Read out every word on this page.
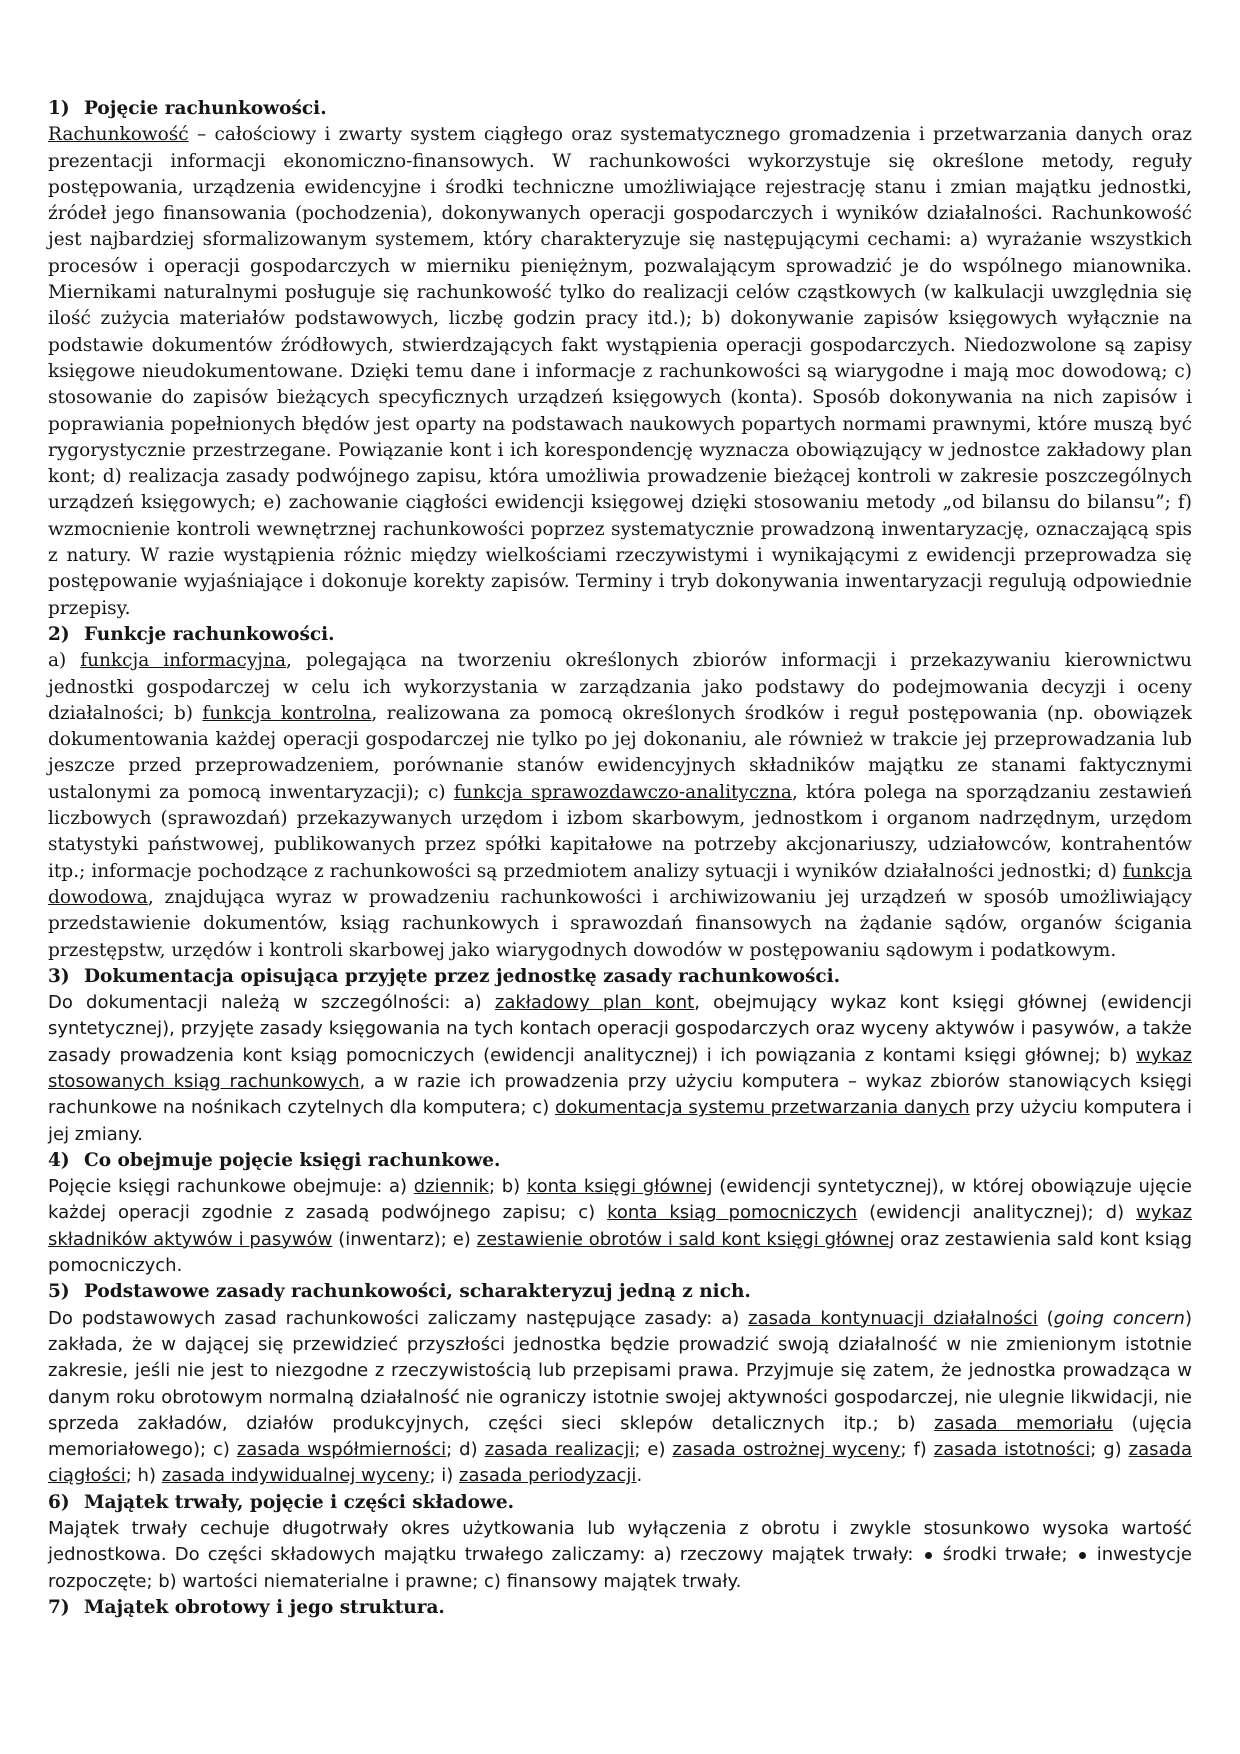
1) Pojęcie rachunkowości.

Rachunkowość – całościowy i zwarty system ciągłego oraz systematycznego gromadzenia i przetwarzania danych oraz prezentacji informacji ekonomiczno-finansowych. W rachunkowości wykorzystuje się określone metody, reguły postępowania, urządzenia ewidencyjne i środki techniczne umożliwiające rejestrację stanu i zmian majątku jednostki, źródeł jego finansowania (pochodzenia), dokonywanych operacji gospodarczych i wyników działalności. Rachunkowość jest najbardziej sformalizowanym systemem, który charakteryzuje się następującymi cechami: a) wyrażanie wszystkich procesów i operacji gospodarczych w mierniku pieniężnym, pozwalającym sprowadzić je do wspólnego mianownika. Miernikami naturalnymi posługuje się rachunkowość tylko do realizacji celów cząstkowych (w kalkulacji uwzględnia się ilość zużycia materiałów podstawowych, liczbę godzin pracy itd.); b) dokonywanie zapisów księgowych wyłącznie na podstawie dokumentów źródłowych, stwierdzających fakt wystąpienia operacji gospodarczych. Niedozwolone są zapisy księgowe nieudokumentowane. Dzięki temu dane i informacje z rachunkowości są wiarygodne i mają moc dowodową; c) stosowanie do zapisów bieżących specyficznych urządzeń księgowych (konta). Sposób dokonywania na nich zapisów i poprawiania popełnionych błędów jest oparty na podstawach naukowych popartych normami prawnymi, które muszą być rygorystycznie przestrzegane. Powiązanie kont i ich korespondencję wyznacza obowiązujący w jednostce zakładowy plan kont; d) realizacja zasady podwójnego zapisu, która umożliwia prowadzenie bieżącej kontroli w zakresie poszczególnych urządzeń księgowych; e) zachowanie ciągłości ewidencji księgowej dzięki stosowaniu metody „od bilansu do bilansu”; f) wzmocnienie kontroli wewnętrznej rachunkowości poprzez systematycznie prowadzoną inwentaryzację, oznaczającą spis z natury. W razie wystąpienia różnic między wielkościami rzeczywistymi i wynikającymi z ewidencji przeprowadza się postępowanie wyjaśniające i dokonuje korekty zapisów. Terminy i tryb dokonywania inwentaryzacji regulują odpowiednie przepisy.

2) Funkcje rachunkowości.

a) funkcja informacyjna, polegająca na tworzeniu określonych zbiorów informacji i przekazywaniu kierownictwu jednostki gospodarczej w celu ich wykorzystania w zarządzania jako podstawy do podejmowania decyzji i oceny działalności; b) funkcja kontrolna, realizowana za pomocą określonych środków i reguł postępowania (np. obowiązek dokumentowania każdej operacji gospodarczej nie tylko po jej dokonaniu, ale również w trakcie jej przeprowadzania lub jeszcze przed przeprowadzeniem, porównanie stanów ewidencyjnych składników majątku ze stanami faktycznymi ustalonymi za pomocą inwentaryzacji); c) funkcja sprawozdawczo-analityczna, która polega na sporządzaniu zestawień liczbowych (sprawozdań) przekazywanych urzędom i izbom skarbowym, jednostkom i organom nadrzędnym, urzędom statystyki państwowej, publikowanych przez spółki kapitałowe na potrzeby akcjonariuszy, udziałowców, kontrahentów itp.; informacje pochodzące z rachunkowości są przedmiotem analizy sytuacji i wyników działalności jednostki; d) funkcja dowodowa, znajdująca wyraz w prowadzeniu rachunkowości i archiwizowaniu jej urządzeń w sposób umożliwiający przedstawienie dokumentów, ksiąg rachunkowych i sprawozdań finansowych na żądanie sądów, organów ścigania przestępstw, urzędów i kontroli skarbowej jako wiarygodnych dowodów w postępowaniu sądowym i podatkowym.

3) Dokumentacja opisująca przyjęte przez jednostkę zasady rachunkowości.

Do dokumentacji należą w szczególności: a) zakładowy plan kont, obejmujący wykaz kont księgi głównej (ewidencji syntetycznej), przyjęte zasady księgowania na tych kontach operacji gospodarczych oraz wyceny aktywów i pasywów, a także zasady prowadzenia kont ksiąg pomocniczych (ewidencji analitycznej) i ich powiązania z kontami księgi głównej; b) wykaz stosowanych ksiąg rachunkowych, a w razie ich prowadzenia przy użyciu komputera – wykaz zbiorów stanowiących księgi rachunkowe na nośnikach czytelnych dla komputera; c) dokumentacja systemu przetwarzania danych przy użyciu komputera i jej zmiany.

4) Co obejmuje pojęcie księgi rachunkowe.

Pojęcie księgi rachunkowe obejmuje: a) dziennik; b) konta księgi głównej (ewidencji syntetycznej), w której obowiązuje ujęcie każdej operacji zgodnie z zasadą podwójnego zapisu; c) konta ksiąg pomocniczych (ewidencji analitycznej); d) wykaz składników aktywów i pasywów (inwentarz); e) zestawienie obrotów i sald kont księgi głównej oraz zestawienia sald kont ksiąg pomocniczych.

5) Podstawowe zasady rachunkowości, scharakteryzuj jedną z nich.

Do podstawowych zasad rachunkowości zaliczamy następujące zasady: a) zasada kontynuacji działalności (going concern) zakłada, że w dającej się przewidzieć przyszłości jednostka będzie prowadzić swoją działalność w nie zmienionym istotnie zakresie, jeśli nie jest to niezgodne z rzeczywistością lub przepisami prawa. Przyjmuje się zatem, że jednostka prowadząca w danym roku obrotowym normalną działalność nie ograniczy istotnie swojej aktywności gospodarczej, nie ulegnie likwidacji, nie sprzeda zakładów, działów produkcyjnych, części sieci sklepów detalicznych itp.; b) zasada memoriału (ujęcia memoriałowego); c) zasada współmierności; d) zasada realizacji; e) zasada ostrożnej wyceny; f) zasada istotności; g) zasada ciągłości; h) zasada indywidualnej wyceny; i) zasada periodyzacji.

6) Majątek trwały, pojęcie i części składowe.

Majątek trwały cechuje długotrwały okres użytkowania lub wyłączenia z obrotu i zwykle stosunkowo wysoka wartość jednostkowa. Do części składowych majątku trwałego zaliczamy: a) rzeczowy majątek trwały:  środki trwałe;  inwestycje rozpoczęte; b) wartości niematerialne i prawne; c) finansowy majątek trwały.

7) Majątek obrotowy i jego struktura.
